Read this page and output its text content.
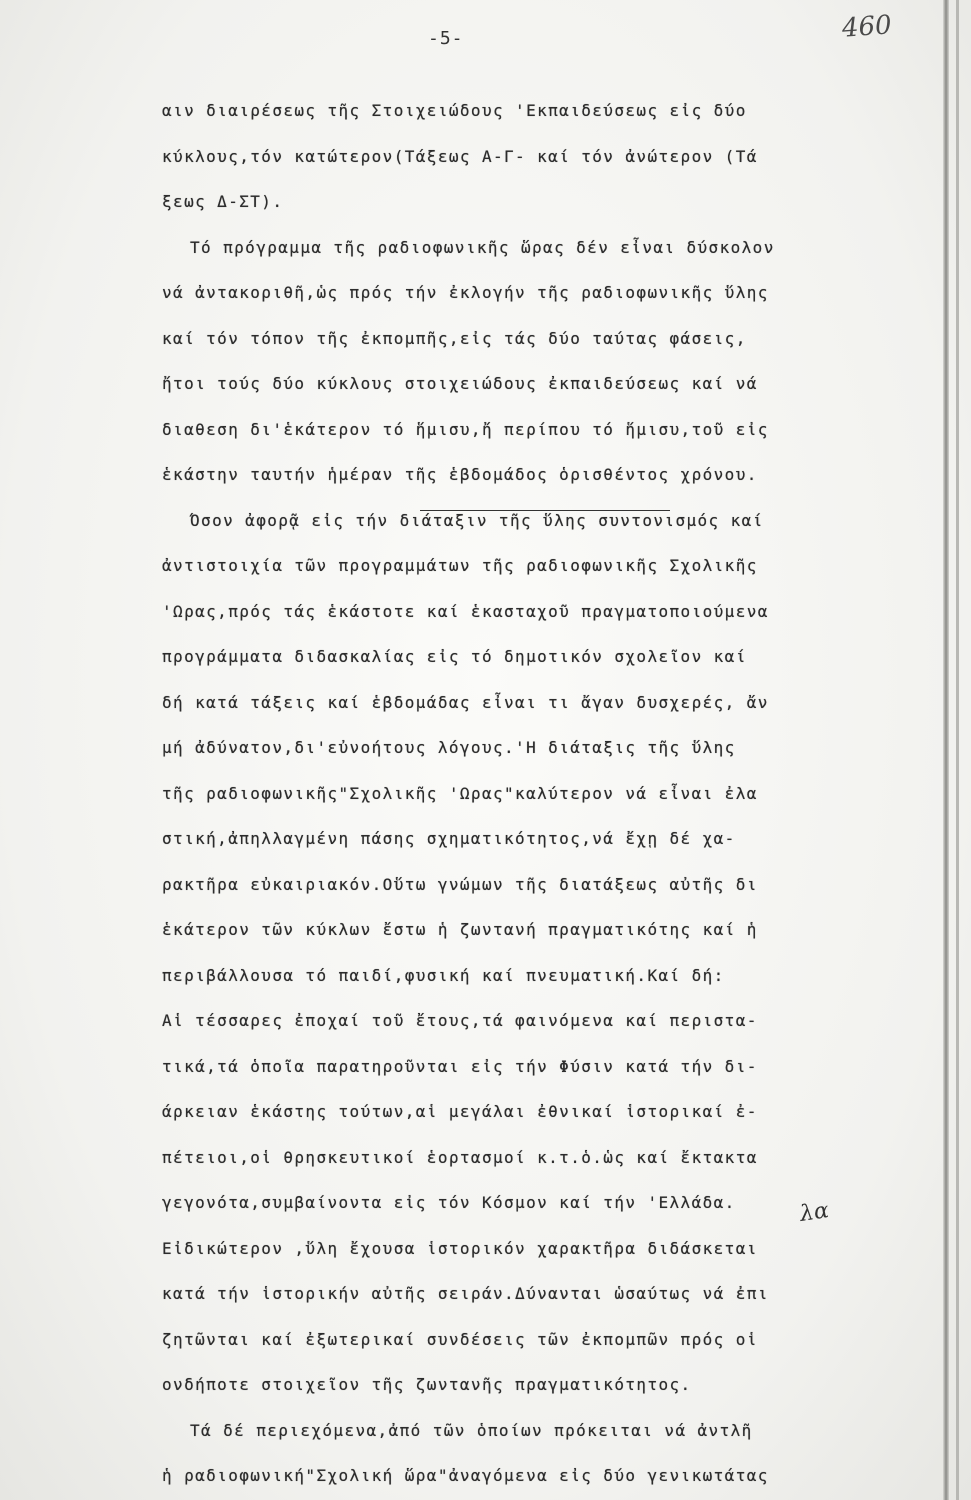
-5-	460
αιν διαιρέσεως τῆς Στοιχειώδους 'Εκπαιδεύσεως εἰς δύο
κύκλους,τόν κατώτερον(Τάξεως Α-Γ- καί τόν ἀνώτερον (Τά
ξεως Δ-ΣΤ).
Τό πρόγραμμα τῆς ραδιοφωνικῆς ὥρας δέν εἶναι δύσκολον
νά ἀντακοριθῆ,ὡς πρός τήν ἐκλογήν τῆς ραδιοφωνικῆς ὕλης
καί τόν τόπον τῆς ἐκπομπῆς,εἰς τάς δύο ταύτας φάσεις,
ἤτοι τούς δύο κύκλους στοιχειώδους ἐκπαιδεύσεως καί νά
διαθεση δι'ἑκάτερον τό ἥμισυ,ἤ περίπου τό ἥμισυ,τοῦ εἰς
ἑκάστην ταυτήν ἡμέραν τῆς ἑβδομάδος ὁρισθέντος χρόνου.
Όσον ἀφορᾷ εἰς τήν διάταξιν τῆς ὕλης συντονισμός καί
ἀντιστοιχία τῶν προγραμμάτων τῆς ραδιοφωνικῆς Σχολικῆς
'Ωρας,πρός τάς ἑκάστοτε καί ἑκασταχοῦ πραγματοποιούμενα
προγράμματα διδασκαλίας εἰς τό δημοτικόν σχολεῖον καί
δή κατά τάξεις καί ἑβδομάδας εἶναι τι ἄγαν δυσχερές, ἄν
μή ἀδύνατον,δι'εὐνοήτους λόγους.'Η διάταξις τῆς ὕλης
τῆς ραδιοφωνικῆς"Σχολικῆς 'Ωρας"καλύτερον νά εἶναι ἐλα
στική,ἀπηλλαγμένη πάσης σχηματικότητος,νά ἔχῃ δέ χα-
ρακτῆρα εὐκαιριακόν.Οὕτω γνώμων τῆς διατάξεως αὐτῆς δι
ἑκάτερον τῶν κύκλων ἔστω ἡ ζωντανή πραγματικότης καί ἡ
περιβάλλουσα τό παιδί,φυσική καί πνευματική.Καί δή:
Αἱ τέσσαρες ἐποχαί τοῦ ἔτους,τά φαινόμενα καί περιστα-
τικά,τά ὁποῖα παρατηροῦνται εἰς τήν Φύσιν κατά τήν δι-
άρκειαν ἑκάστης τούτων,αἱ μεγάλαι ἐθνικαί ἱστορικαί ἐ-
πέτειοι,οἱ θρησκευτικοί ἑορτασμοί κ.τ.ὁ.ὡς καί ἔκτακτα
γεγονότα,συμβαίνοντα εἰς τόν Κόσμον καί τήν 'Ελλάδα.
Εἰδικώτερον ,ὕλη ἔχουσα ἱστορικόν χαρακτῆρα διδάσκεται
κατά τήν ἱστορικήν αὐτῆς σειράν.Δύνανται ὡσαύτως νά ἐπι
ζητῶνται καί ἐξωτερικαί συνδέσεις τῶν ἐκπομπῶν πρός οἱ
ονδήποτε στοιχεῖον τῆς ζωντανῆς πραγματικότητος.
Τά δέ περιεχόμενα,ἀπό τῶν ὁποίων πρόκειται νά ἀντλῆ
ἡ ραδιοφωνική"Σχολική ὥρα"ἀναγόμενα εἰς δύο γενικωτάτας
λα
